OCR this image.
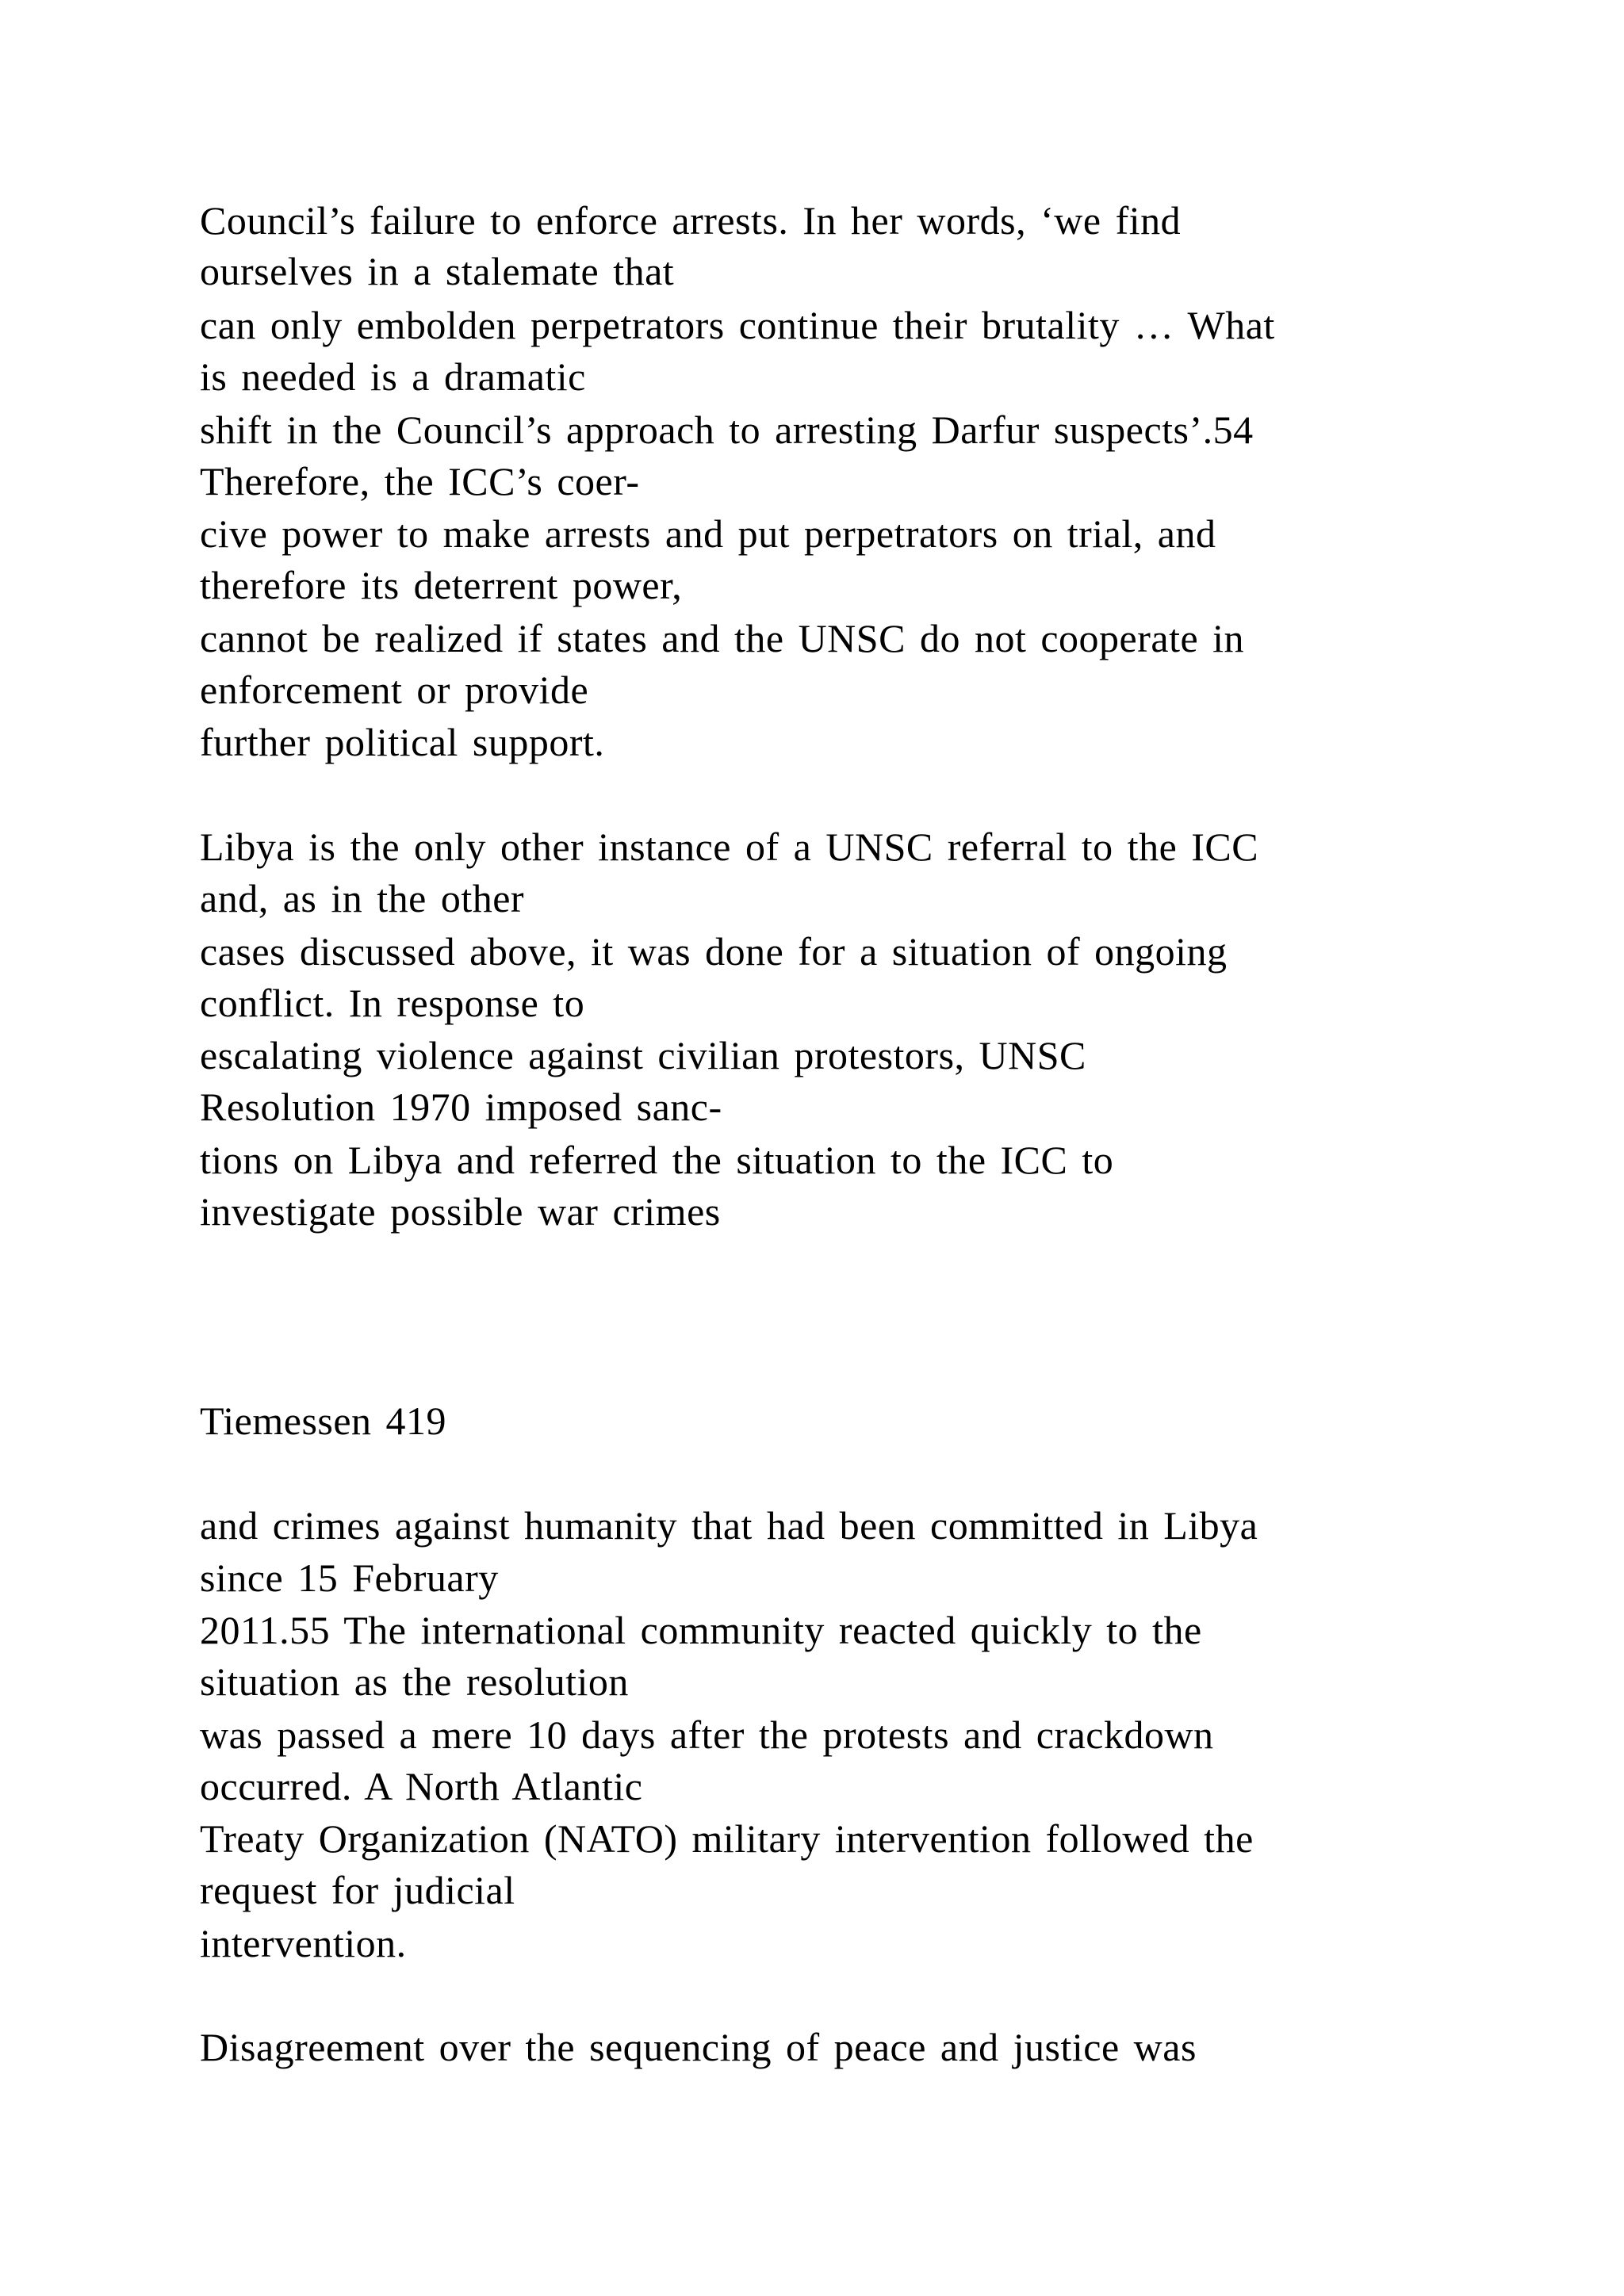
Council’s failure to enforce arrests. In her words, ‘we find
ourselves in a stalemate that
can only embolden perpetrators continue their brutality … What
is needed is a dramatic
shift in the Council’s approach to arresting Darfur suspects’.54
Therefore, the ICC’s coer-
cive power to make arrests and put perpetrators on trial, and
therefore its deterrent power,
cannot be realized if states and the UNSC do not cooperate in
enforcement or provide
further political support.
Libya is the only other instance of a UNSC referral to the ICC
and, as in the other
cases discussed above, it was done for a situation of ongoing
conflict. In response to
escalating violence against civilian protestors, UNSC
Resolution 1970 imposed sanc-
tions on Libya and referred the situation to the ICC to
investigate possible war crimes
Tiemessen 419
and crimes against humanity that had been committed in Libya
since 15 February
2011.55 The international community reacted quickly to the
situation as the resolution
was passed a mere 10 days after the protests and crackdown
occurred. A North Atlantic
Treaty Organization (NATO) military intervention followed the
request for judicial
intervention.
Disagreement over the sequencing of peace and justice was
